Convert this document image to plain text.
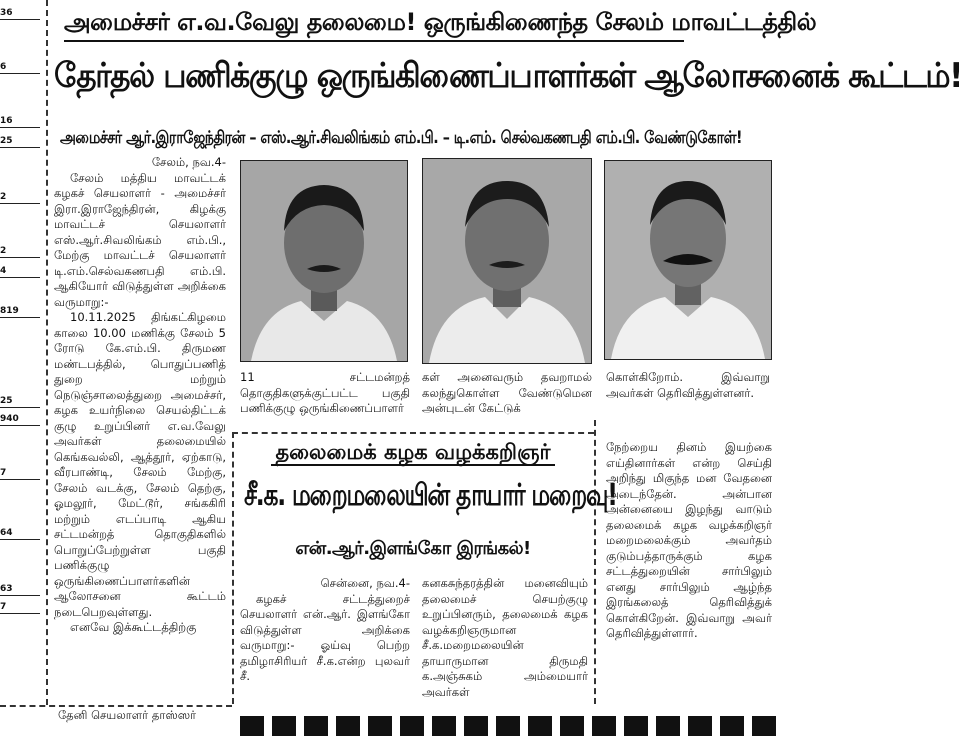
36
6
16
25
2
2
4
819
25
940
7
64
63
7
அமைச்சர் எ.வ.வேலு தலைமை! ஒருங்கிணைந்த சேலம் மாவட்டத்தில்
தேர்தல் பணிக்குழு ஒருங்கிணைப்பாளர்கள் ஆலோசனைக் கூட்டம்!
அமைச்சர் ஆர்.இராஜேந்திரன் – எஸ்.ஆர்.சிவலிங்கம் எம்.பி. – டி.எம். செல்வகணபதி எம்.பி. வேண்டுகோள்!

சேலம், நவ.4-

சேலம் மத்திய மாவட்டக் கழகச் செயலாளர் - அமைச்சர் இரா.இராஜேந்திரன், கிழக்கு மாவட்டச் செயலாளர் எஸ்.ஆர்.சிவலிங்கம் எம்.பி., மேற்கு மாவட்டச் செயலாளர் டி.எம்.செல்வகணபதி எம்.பி. ஆகியோர் விடுத்துள்ள அறிக்கை வருமாறு:-

10.11.2025 திங்கட்கிழமை காலை 10.00 மணிக்கு சேலம் 5 ரோடு கே.எம்.பி. திருமண மண்டபத்தில், பொதுப்பணித் துறை மற்றும் நெடுஞ்சாலைத்துறை அமைச்சர், கழக உயர்நிலை செயல்திட்டக் குழு உறுப்பினர் எ.வ.வேலு அவர்கள் தலைமையில் கெங்கவல்லி, ஆத்தூர், ஏற்காடு, வீரபாண்டி, சேலம் மேற்கு, சேலம் வடக்கு, சேலம் தெற்கு, ஓமலூர், மேட்டூர், சங்ககிரி மற்றும் எடப்பாடி ஆகிய சட்டமன்றத் தொகுதிகளில் பொறுப்பேற்றுள்ள பகுதி பணிக்குழு ஒருங்கிணைப்பாளர்களின் ஆலோசனை கூட்டம் நடைபெறவுள்ளது.

எனவே இக்கூட்டத்திற்கு

11 சட்டமன்றத் தொகுதிகளுக்குட்பட்ட பகுதி பணிக்குழு ஒருங்கிணைப்பாளர்

கள் அனைவரும் தவறாமல் கலந்துகொள்ள வேண்டுமென அன்புடன் கேட்டுக்

கொள்கிறோம். இவ்வாறு அவர்கள் தெரிவித்துள்ளனர்.

தலைமைக் கழக வழக்கறிஞர்
சீ.க. மறைமலையின் தாயார் மறைவு!
என்.ஆர்.இளங்கோ இரங்கல்!

சென்னை, நவ.4-

கழகச் சட்டத்துறைச் செயலாளர் என்.ஆர். இளங்கோ விடுத்துள்ள அறிக்கை வருமாறு:- ஓய்வு பெற்ற தமிழாசிரியர் சீ.க.என்ற புலவர் சீ.

கனகசுந்தரத்தின் மனைவியும் தலைமைச் செயற்குழு உறுப்பினரும், தலைமைக் கழக வழக்கறிஞருமான சீ.க.மறைமலையின் தாயாருமான திருமதி க.அஞ்சுகம் அம்மையார் அவர்கள்

நேற்றைய தினம் இயற்கை எய்தினார்கள் என்ற செய்தி அறிந்து மிகுந்த மன வேதனை அடைந்தேன். அன்பான அன்னையை இழந்து வாடும் தலைமைக் கழக வழக்கறிஞர் மறைமலைக்கும் அவர்தம் குடும்பத்தாருக்கும் கழக சட்டத்துறையின் சார்பிலும் எனது சார்பிலும் ஆழ்ந்த இரங்கலைத் தெரிவித்துக் கொள்கிறேன். இவ்வாறு அவர் தெரிவித்துள்ளார்.

தேனி செயலாளர் தாஸ்ஸர்
